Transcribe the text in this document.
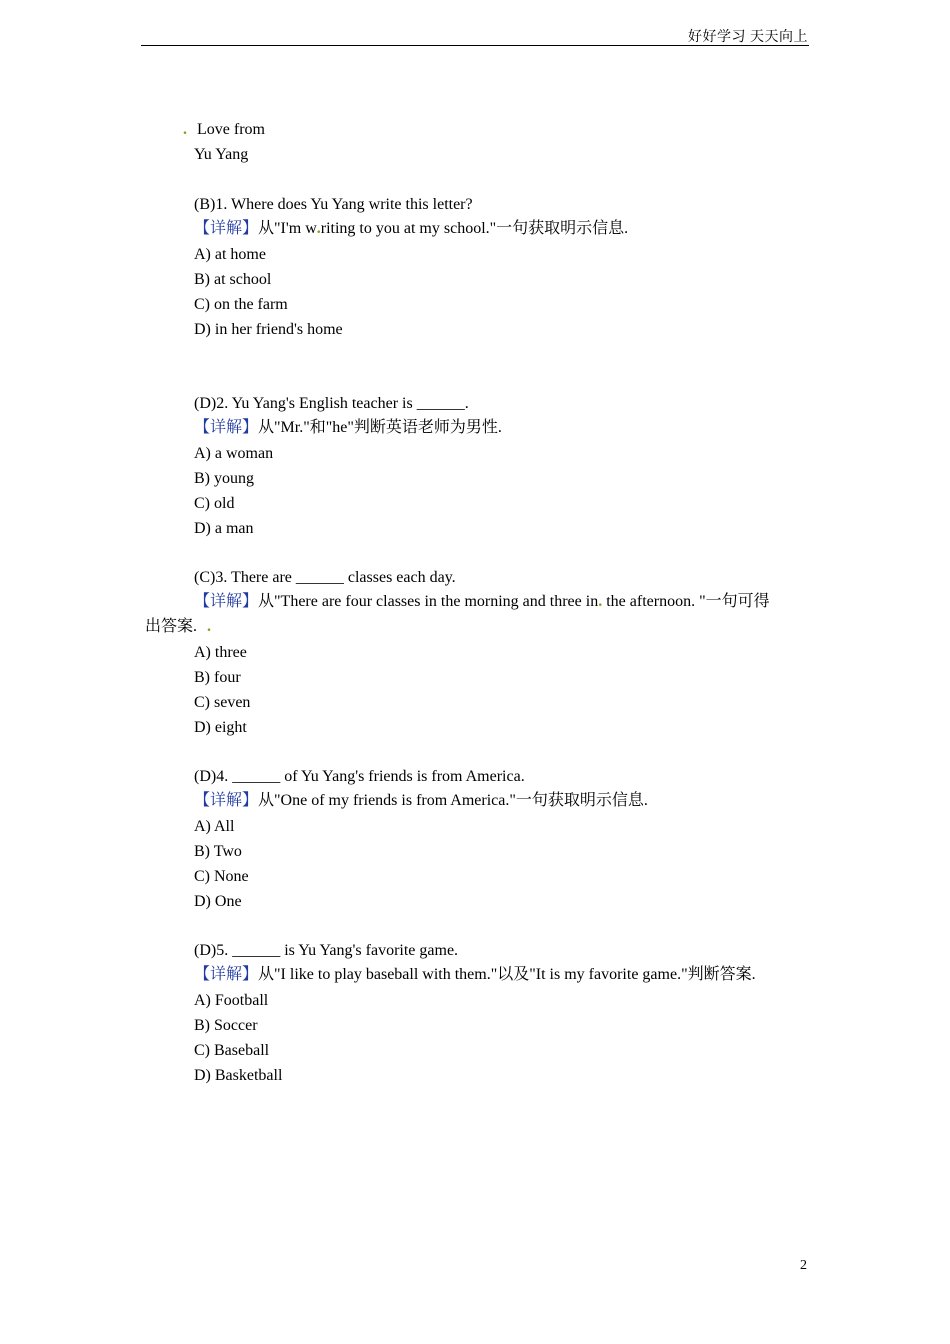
好好学习 天天向上
. Love from
Yu Yang
(B)1. Where does Yu Yang write this letter?
【详解】从"I'm w.riting to you at my school."一句获取明示信息.
A) at home
B) at school
C) on the farm
D) in her friend's home
(D)2. Yu Yang's English teacher is ______.
【详解】从"Mr."和"he"判断英语老师为男性.
A) a woman
B) young
C) old
D) a man
(C)3. There are ______ classes each day.
【详解】从"There are four classes in the morning and three in. the afternoon. "一句可得
出答案. .
A) three
B) four
C) seven
D) eight
(D)4. ______ of Yu Yang's friends is from America.
【详解】从"One of my friends is from America."一句获取明示信息.
A) All
B) Two
C) None
D) One
(D)5. ______ is Yu Yang's favorite game.
【详解】从"I like to play baseball with them."以及"It is my favorite game."判断答案.
A) Football
B) Soccer
C) Baseball
D) Basketball
2
